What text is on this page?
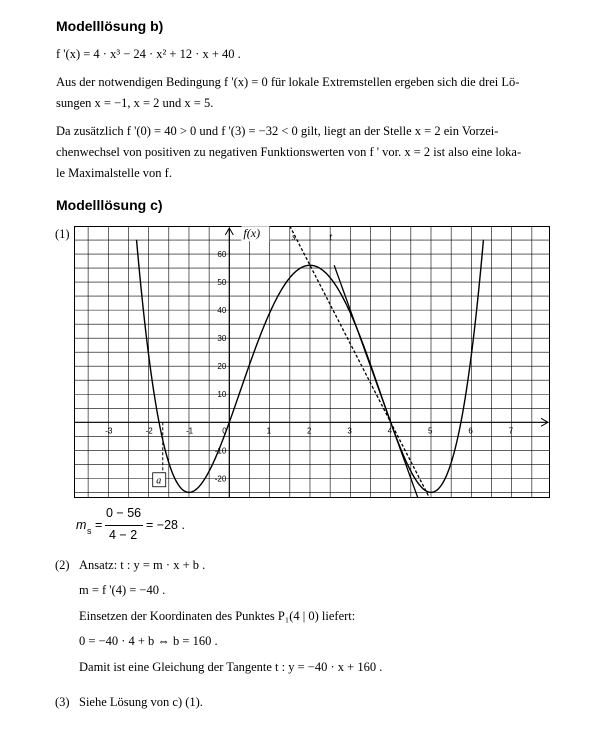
Modelllösung b)
f '(x) = 4 · x³ − 24 · x² + 12 · x + 40 .
Aus der notwendigen Bedingung f '(x) = 0 für lokale Extremstellen ergeben sich die drei Lö-
sungen x = −1, x = 2 und x = 5.
Da zusätzlich f '(0) = 40 > 0 und f '(3) = −32 < 0 gilt, liegt an der Stelle x = 2 ein Vorzei-
chenwechsel von positiven zu negativen Funktionswerten von f ' vor. x = 2 ist also eine loka-
le Maximalstelle von f.
Modelllösung c)
(1)
-3	-2	-1	0	1	2	3	4	5	6	7
60
50
40
30
20
10
-10
-20
a
f(x)	s	t
m s =
0 − 56
4 − 2
= −28 .
(2) Ansatz: t : y = m · x + b .
m = f '(4) = −40 .
Einsetzen der Koordinaten des Punktes P₁(4 | 0) liefert:
0 = −40 · 4 + b ⇔ b = 160 .
Damit ist eine Gleichung der Tangente t : y = −40 · x + 160 .
(3) Siehe Lösung von c) (1).
